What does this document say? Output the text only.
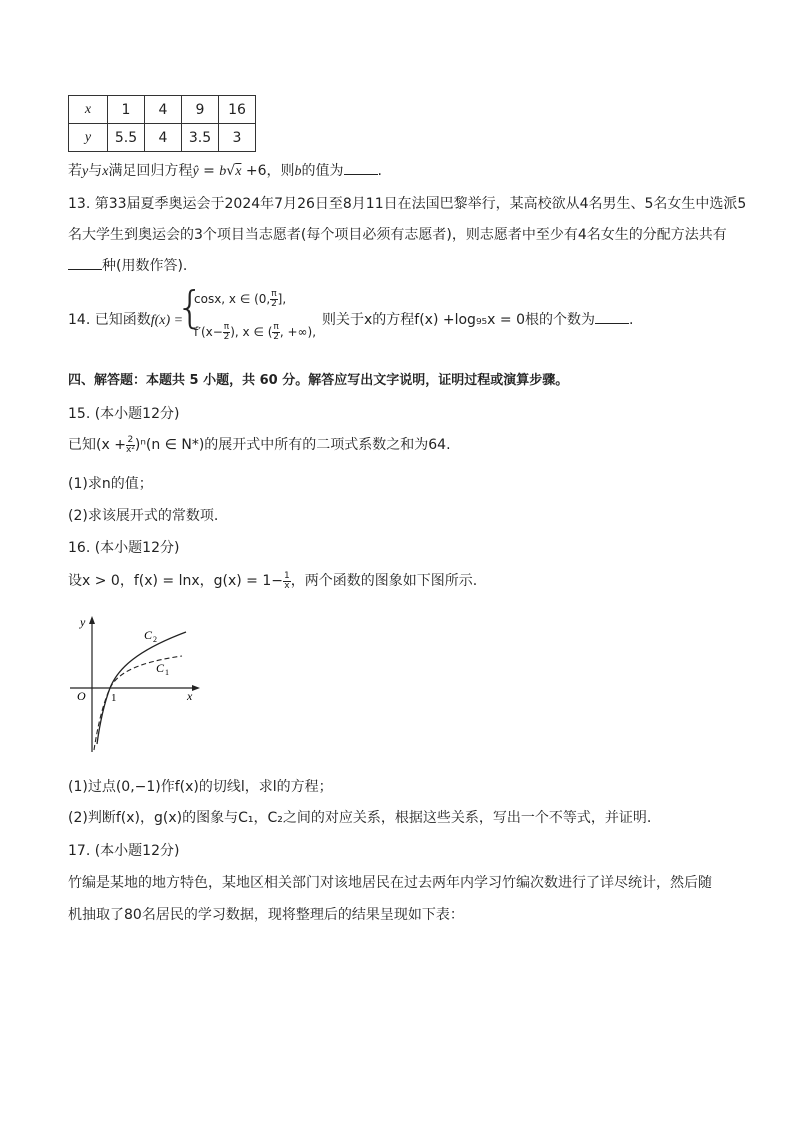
x	1	4	9	16
y	5.5	4	3.5	3
若y与x满足回归方程ŷ = b√x +6，则b的值为 .
13. 第33届夏季奥运会于2024年7月26日至8月11日在法国巴黎举行，某高校欲从4名男生、5名女生中选派5
名大学生到奥运会的3个项目当志愿者(每个项目必须有志愿者)，则志愿者中至少有4名女生的分配方法共有
种(用数作答).
14. 已知函数f(x) =
{
cosx, x ∈ (0, $\frac{\pi}{2}$ ],
$f'(x- \frac{\pi}{2}$ ), x ∈ ( $\frac{\pi}{2}$ , +∞),
则关于x的方程f(x) +log₉₅x = 0根的个数为 .
四、解答题：本题共 5 小题，共 60 分。解答应写出文字说明，证明过程或演算步骤。
15. (本小题12分)
已知$(x + \frac{2}{\text{x²}} )^n(n$ ∈ N*)的展开式中所有的二项式系数之和为64.
(1)求n的值；
(2)求该展开式的常数项.
16. (本小题12分)
设x > 0，f(x) = lnx，$g(x) = 1- \frac{1}{x}$ ，两个函数的图象如下图所示.
y
x
O 1
C 2
C 1
(1)过点(0,−1)作f(x)的切线l，求l的方程；
(2)判断f(x)，g(x)的图象与C₁，C₂之间的对应关系，根据这些关系，写出一个不等式，并证明.
17. (本小题12分)
竹编是某地的地方特色，某地区相关部门对该地居民在过去两年内学习竹编次数进行了详尽统计，然后随
机抽取了80名居民的学习数据，现将整理后的结果呈现如下表：
